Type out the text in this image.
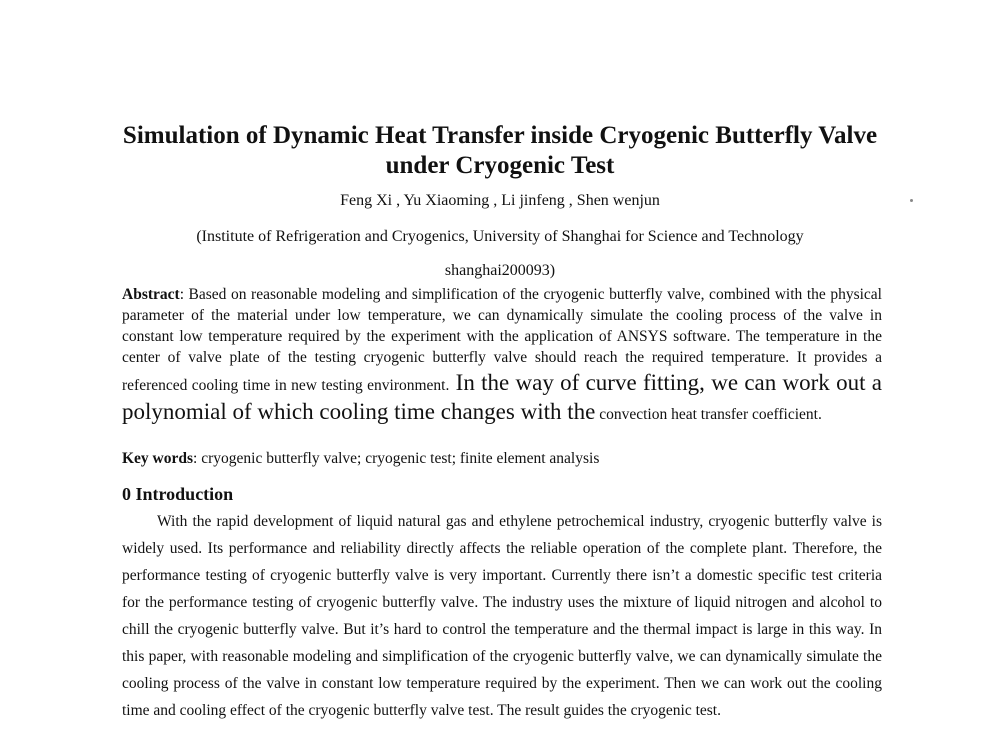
Simulation of Dynamic Heat Transfer inside Cryogenic Butterfly Valve
under Cryogenic Test
Feng Xi , Yu Xiaoming , Li jinfeng , Shen wenjun
(Institute of Refrigeration and Cryogenics, University of Shanghai for Science and Technology
shanghai200093)

Abstract: Based on reasonable modeling and simplification of the cryogenic butterfly valve, combined with the physical parameter of the material under low temperature, we can dynamically simulate the cooling process of the valve in constant low temperature required by the experiment with the application of ANSYS software. The temperature in the center of valve plate of the testing cryogenic butterfly valve should reach the required temperature. It provides a referenced cooling time in new testing environment. In the way of curve fitting, we can work out a polynomial of which cooling time changes with the convection heat transfer coefficient.

Key words: cryogenic butterfly valve; cryogenic test; finite element analysis

0 Introduction

With the rapid development of liquid natural gas and ethylene petrochemical industry, cryogenic butterfly valve is widely used. Its performance and reliability directly affects the reliable operation of the complete plant. Therefore, the performance testing of cryogenic butterfly valve is very important. Currently there isn’t a domestic specific test criteria for the performance testing of cryogenic butterfly valve. The industry uses the mixture of liquid nitrogen and alcohol to chill the cryogenic butterfly valve. But it’s hard to control the temperature and the thermal impact is large in this way. In this paper, with reasonable modeling and simplification of the cryogenic butterfly valve, we can dynamically simulate the cooling process of the valve in constant low temperature required by the experiment. Then we can work out the cooling time and cooling effect of the cryogenic butterfly valve test. The result guides the cryogenic test.
